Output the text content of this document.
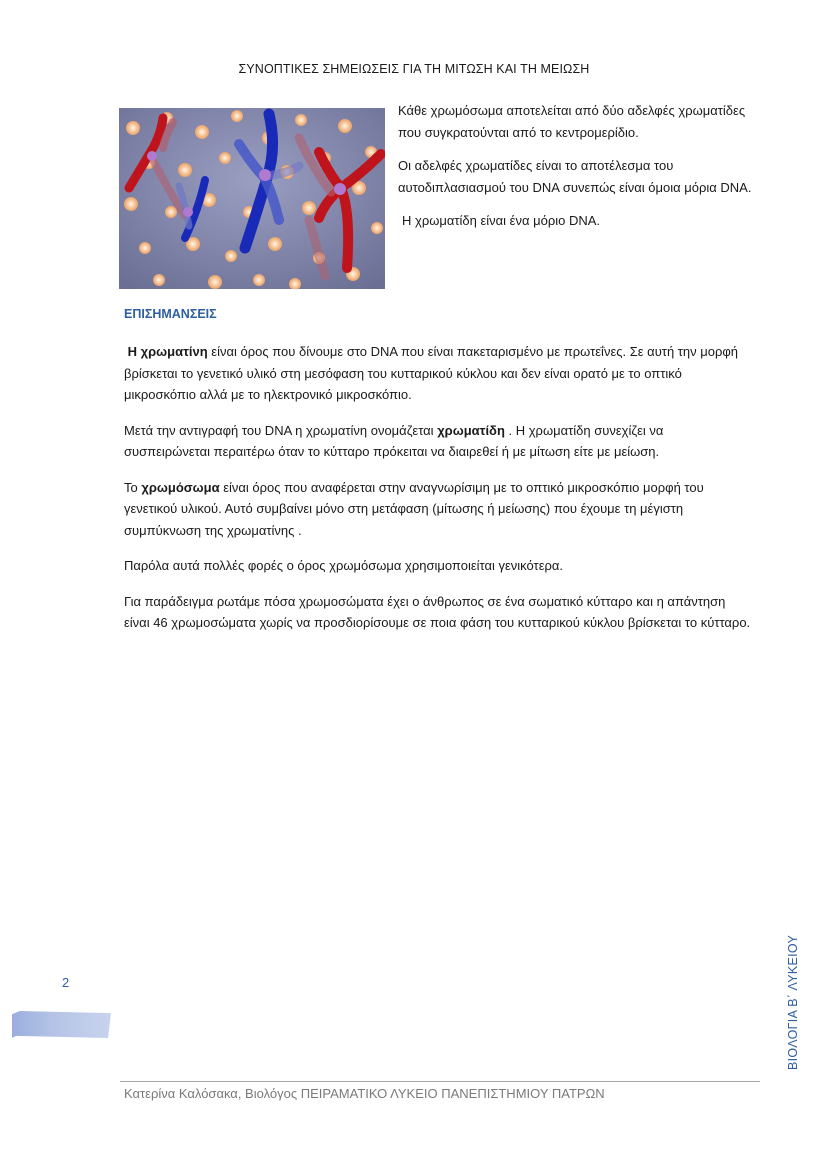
ΣΥΝΟΠΤΙΚΕΣ ΣΗΜΕΙΩΣΕΙΣ ΓΙΑ ΤΗ ΜΙΤΩΣΗ ΚΑΙ ΤΗ ΜΕΙΩΣΗ

Κάθε χρωμόσωμα αποτελείται από δύο αδελφές χρωματίδες που συγκρατούνται από το κεντρομερίδιο.

Οι αδελφές χρωματίδες είναι το αποτέλεσμα του αυτοδιπλασιασμού του DNA συνεπώς είναι όμοια μόρια DNA.

Η χρωματίδη είναι ένα μόριο DNA.

ΕΠΙΣΗΜΑΝΣΕΙΣ

Η χρωματίνη είναι όρος που δίνουμε στο DNA που είναι πακεταρισμένο με πρωτεΐνες. Σε αυτή την μορφή βρίσκεται το γενετικό υλικό στη μεσόφαση του κυτταρικού κύκλου και δεν είναι ορατό με το οπτικό μικροσκόπιο αλλά με το ηλεκτρονικό μικροσκόπιο.

Μετά την αντιγραφή του DNA η χρωματίνη ονομάζεται χρωματίδη . Η χρωματίδη συνεχίζει να συσπειρώνεται περαιτέρω όταν το κύτταρο πρόκειται να διαιρεθεί ή με μίτωση είτε με μείωση.

Το χρωμόσωμα είναι όρος που αναφέρεται στην αναγνωρίσιμη με το οπτικό μικροσκόπιο μορφή του γενετικού υλικού. Αυτό συμβαίνει μόνο στη μετάφαση (μίτωσης ή μείωσης) που έχουμε τη μέγιστη συμπύκνωση της χρωματίνης .

Παρόλα αυτά πολλές φορές ο όρος χρωμόσωμα χρησιμοποιείται γενικότερα.

Για παράδειγμα ρωτάμε πόσα χρωμοσώματα έχει ο άνθρωπος σε ένα σωματικό κύτταρο και η απάντηση είναι 46 χρωμοσώματα χωρίς να προσδιορίσουμε σε ποια φάση του κυτταρικού κύκλου βρίσκεται το κύτταρο.

2	ΒΙΟΛΟΓΙΑ Β΄ ΛΥΚΕΙΟΥ
Κατερίνα Καλόσακα, Βιολόγος ΠΕΙΡΑΜΑΤΙΚΟ ΛΥΚΕΙΟ ΠΑΝΕΠΙΣΤΗΜΙΟΥ ΠΑΤΡΩΝ
